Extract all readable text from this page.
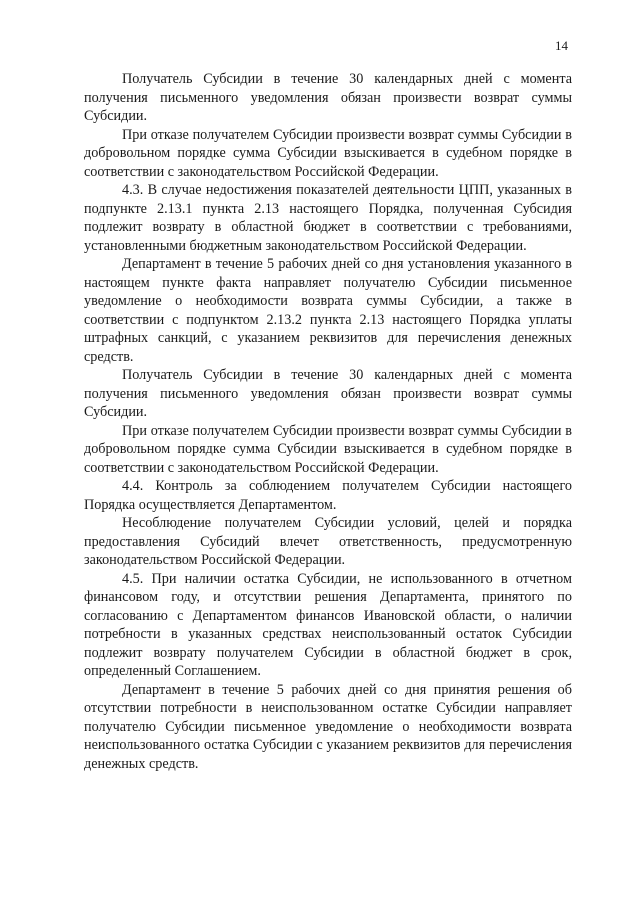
14

Получатель Субсидии в течение 30 календарных дней с момента получения письменного уведомления обязан произвести возврат суммы Субсидии.

При отказе получателем Субсидии произвести возврат суммы Субсидии в добровольном порядке сумма Субсидии взыскивается в судебном порядке в соответствии с законодательством Российской Федерации.

4.3. В случае недостижения показателей деятельности ЦПП, указанных в подпункте 2.13.1 пункта 2.13 настоящего Порядка, полученная Субсидия подлежит возврату в областной бюджет в соответствии с требованиями, установленными бюджетным законодательством Российской Федерации.

Департамент в течение 5 рабочих дней со дня установления указанного в настоящем пункте факта направляет получателю Субсидии письменное уведомление о необходимости возврата суммы Субсидии, а также в соответствии с подпунктом 2.13.2 пункта 2.13 настоящего Порядка уплаты штрафных санкций, с указанием реквизитов для перечисления денежных средств.

Получатель Субсидии в течение 30 календарных дней с момента получения письменного уведомления обязан произвести возврат суммы Субсидии.

При отказе получателем Субсидии произвести возврат суммы Субсидии в добровольном порядке сумма Субсидии взыскивается в судебном порядке в соответствии с законодательством Российской Федерации.

4.4. Контроль за соблюдением получателем Субсидии настоящего Порядка осуществляется Департаментом.

Несоблюдение получателем Субсидии условий, целей и порядка предоставления Субсидий влечет ответственность, предусмотренную законодательством Российской Федерации.

4.5. При наличии остатка Субсидии, не использованного в отчетном финансовом году, и отсутствии решения Департамента, принятого по согласованию с Департаментом финансов Ивановской области, о наличии потребности в указанных средствах неиспользованный остаток Субсидии подлежит возврату получателем Субсидии в областной бюджет в срок, определенный Соглашением.

Департамент в течение 5 рабочих дней со дня принятия решения об отсутствии потребности в неиспользованном остатке Субсидии направляет получателю Субсидии письменное уведомление о необходимости возврата неиспользованного остатка Субсидии с указанием реквизитов для перечисления денежных средств.
